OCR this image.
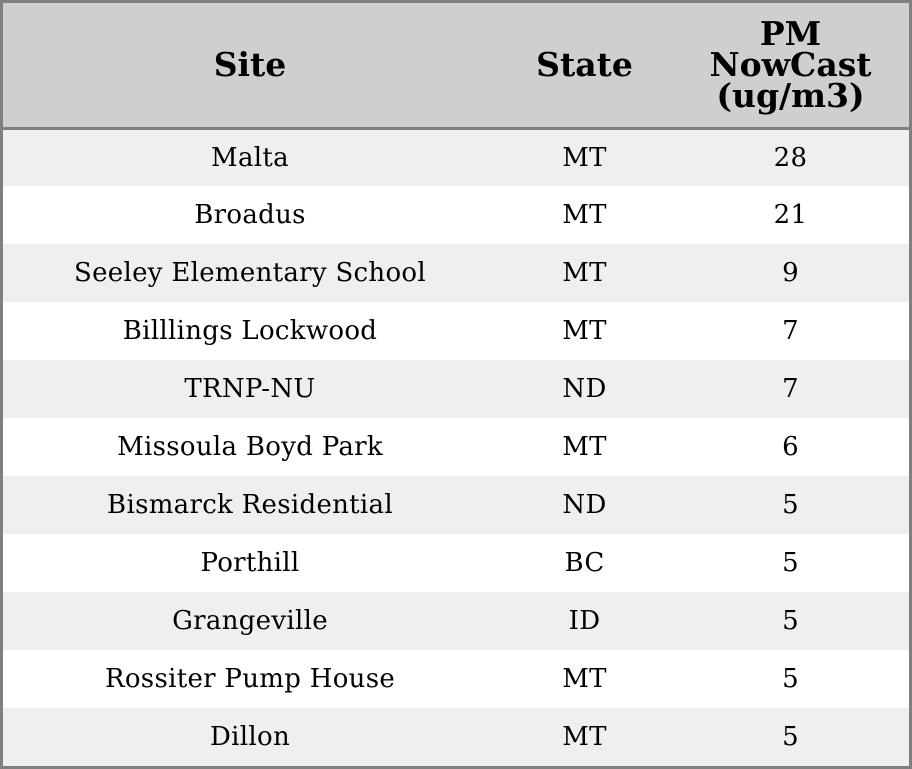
Site	State	PM
NowCast
(ug/m3)

Malta	MT	28
Broadus	MT	21
Seeley Elementary School	MT	9
Billlings Lockwood	MT	7
TRNP-NU	ND	7
Missoula Boyd Park	MT	6
Bismarck Residential	ND	5
Porthill	BC	5
Grangeville	ID	5
Rossiter Pump House	MT	5
Dillon	MT	5
